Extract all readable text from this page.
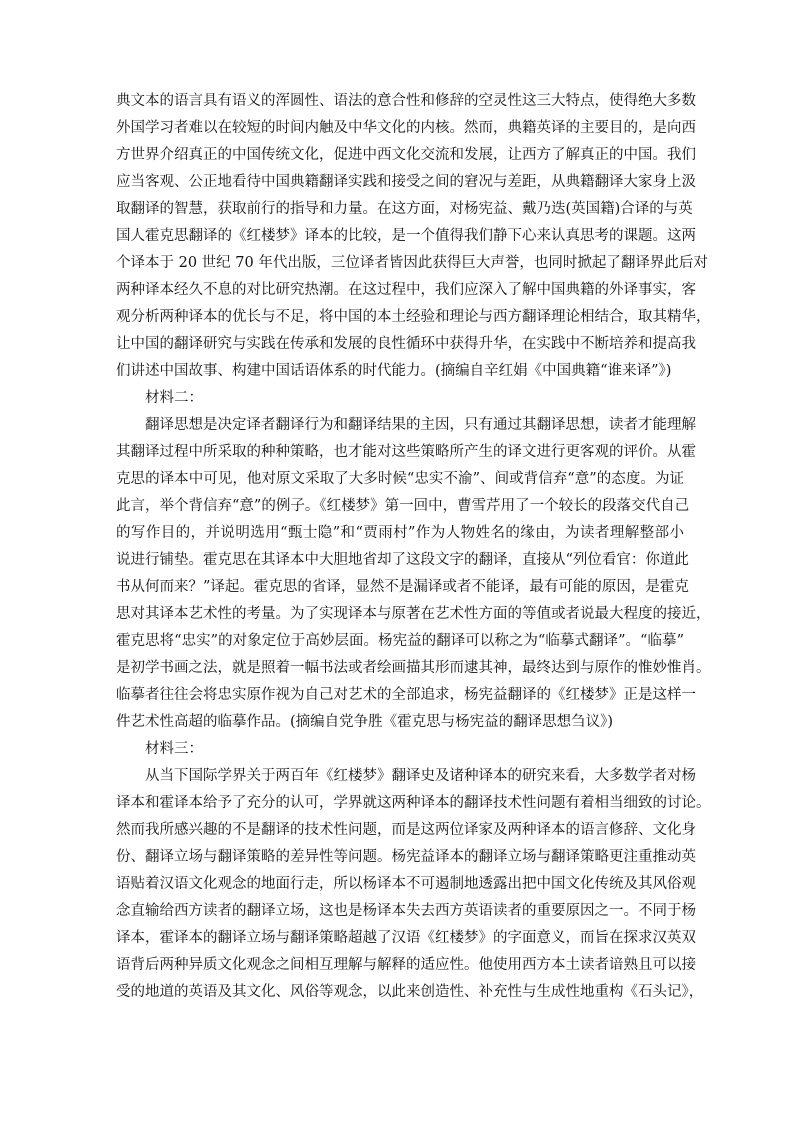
典文本的语言具有语义的浑圆性、语法的意合性和修辞的空灵性这三大特点，使得绝大多数
外国学习者难以在较短的时间内触及中华文化的内核。然而，典籍英译的主要目的，是向西
方世界介绍真正的中国传统文化，促进中西文化交流和发展，让西方了解真正的中国。我们
应当客观、公正地看待中国典籍翻译实践和接受之间的窘况与差距，从典籍翻译大家身上汲
取翻译的智慧，获取前行的指导和力量。在这方面，对杨宪益、戴乃迭(英国籍)合译的与英
国人霍克思翻译的《红楼梦》译本的比较，是一个值得我们静下心来认真思考的课题。这两
个译本于 20 世纪 70 年代出版，三位译者皆因此获得巨大声誉，也同时掀起了翻译界此后对
两种译本经久不息的对比研究热潮。在这过程中，我们应深入了解中国典籍的外译事实，客
观分析两种译本的优长与不足，将中国的本土经验和理论与西方翻译理论相结合，取其精华，
让中国的翻译研究与实践在传承和发展的良性循环中获得升华，在实践中不断培养和提高我
们讲述中国故事、构建中国话语体系的时代能力。(摘编自辛红娟《中国典籍“谁来译”》)
材料二：
翻译思想是决定译者翻译行为和翻译结果的主因，只有通过其翻译思想，读者才能理解
其翻译过程中所采取的种种策略，也才能对这些策略所产生的译文进行更客观的评价。从霍
克思的译本中可见，他对原文采取了大多时候“忠实不渝”、间或背信弃“意”的态度。为证
此言，举个背信弃“意”的例子。《红楼梦》第一回中，曹雪芹用了一个较长的段落交代自己
的写作目的，并说明选用“甄士隐”和“贾雨村”作为人物姓名的缘由，为读者理解整部小
说进行铺垫。霍克思在其译本中大胆地省却了这段文字的翻译，直接从“列位看官：你道此
书从何而来？”译起。霍克思的省译，显然不是漏译或者不能译，最有可能的原因，是霍克
思对其译本艺术性的考量。为了实现译本与原著在艺术性方面的等值或者说最大程度的接近，
霍克思将“忠实”的对象定位于高妙层面。杨宪益的翻译可以称之为“临摹式翻译”。“临摹”
是初学书画之法，就是照着一幅书法或者绘画描其形而逮其神，最终达到与原作的惟妙惟肖。
临摹者往往会将忠实原作视为自己对艺术的全部追求，杨宪益翻译的《红楼梦》正是这样一
件艺术性高超的临摹作品。(摘编自党争胜《霍克思与杨宪益的翻译思想刍议》)
材料三：
从当下国际学界关于两百年《红楼梦》翻译史及诸种译本的研究来看，大多数学者对杨
译本和霍译本给予了充分的认可，学界就这两种译本的翻译技术性问题有着相当细致的讨论。
然而我所感兴趣的不是翻译的技术性问题，而是这两位译家及两种译本的语言修辞、文化身
份、翻译立场与翻译策略的差异性等问题。杨宪益译本的翻译立场与翻译策略更注重推动英
语贴着汉语文化观念的地面行走，所以杨译本不可遏制地透露出把中国文化传统及其风俗观
念直输给西方读者的翻译立场，这也是杨译本失去西方英语读者的重要原因之一。不同于杨
译本，霍译本的翻译立场与翻译策略超越了汉语《红楼梦》的字面意义，而旨在探求汉英双
语背后两种异质文化观念之间相互理解与解释的适应性。他使用西方本土读者谙熟且可以接
受的地道的英语及其文化、风俗等观念，以此来创造性、补充性与生成性地重构《石头记》，
